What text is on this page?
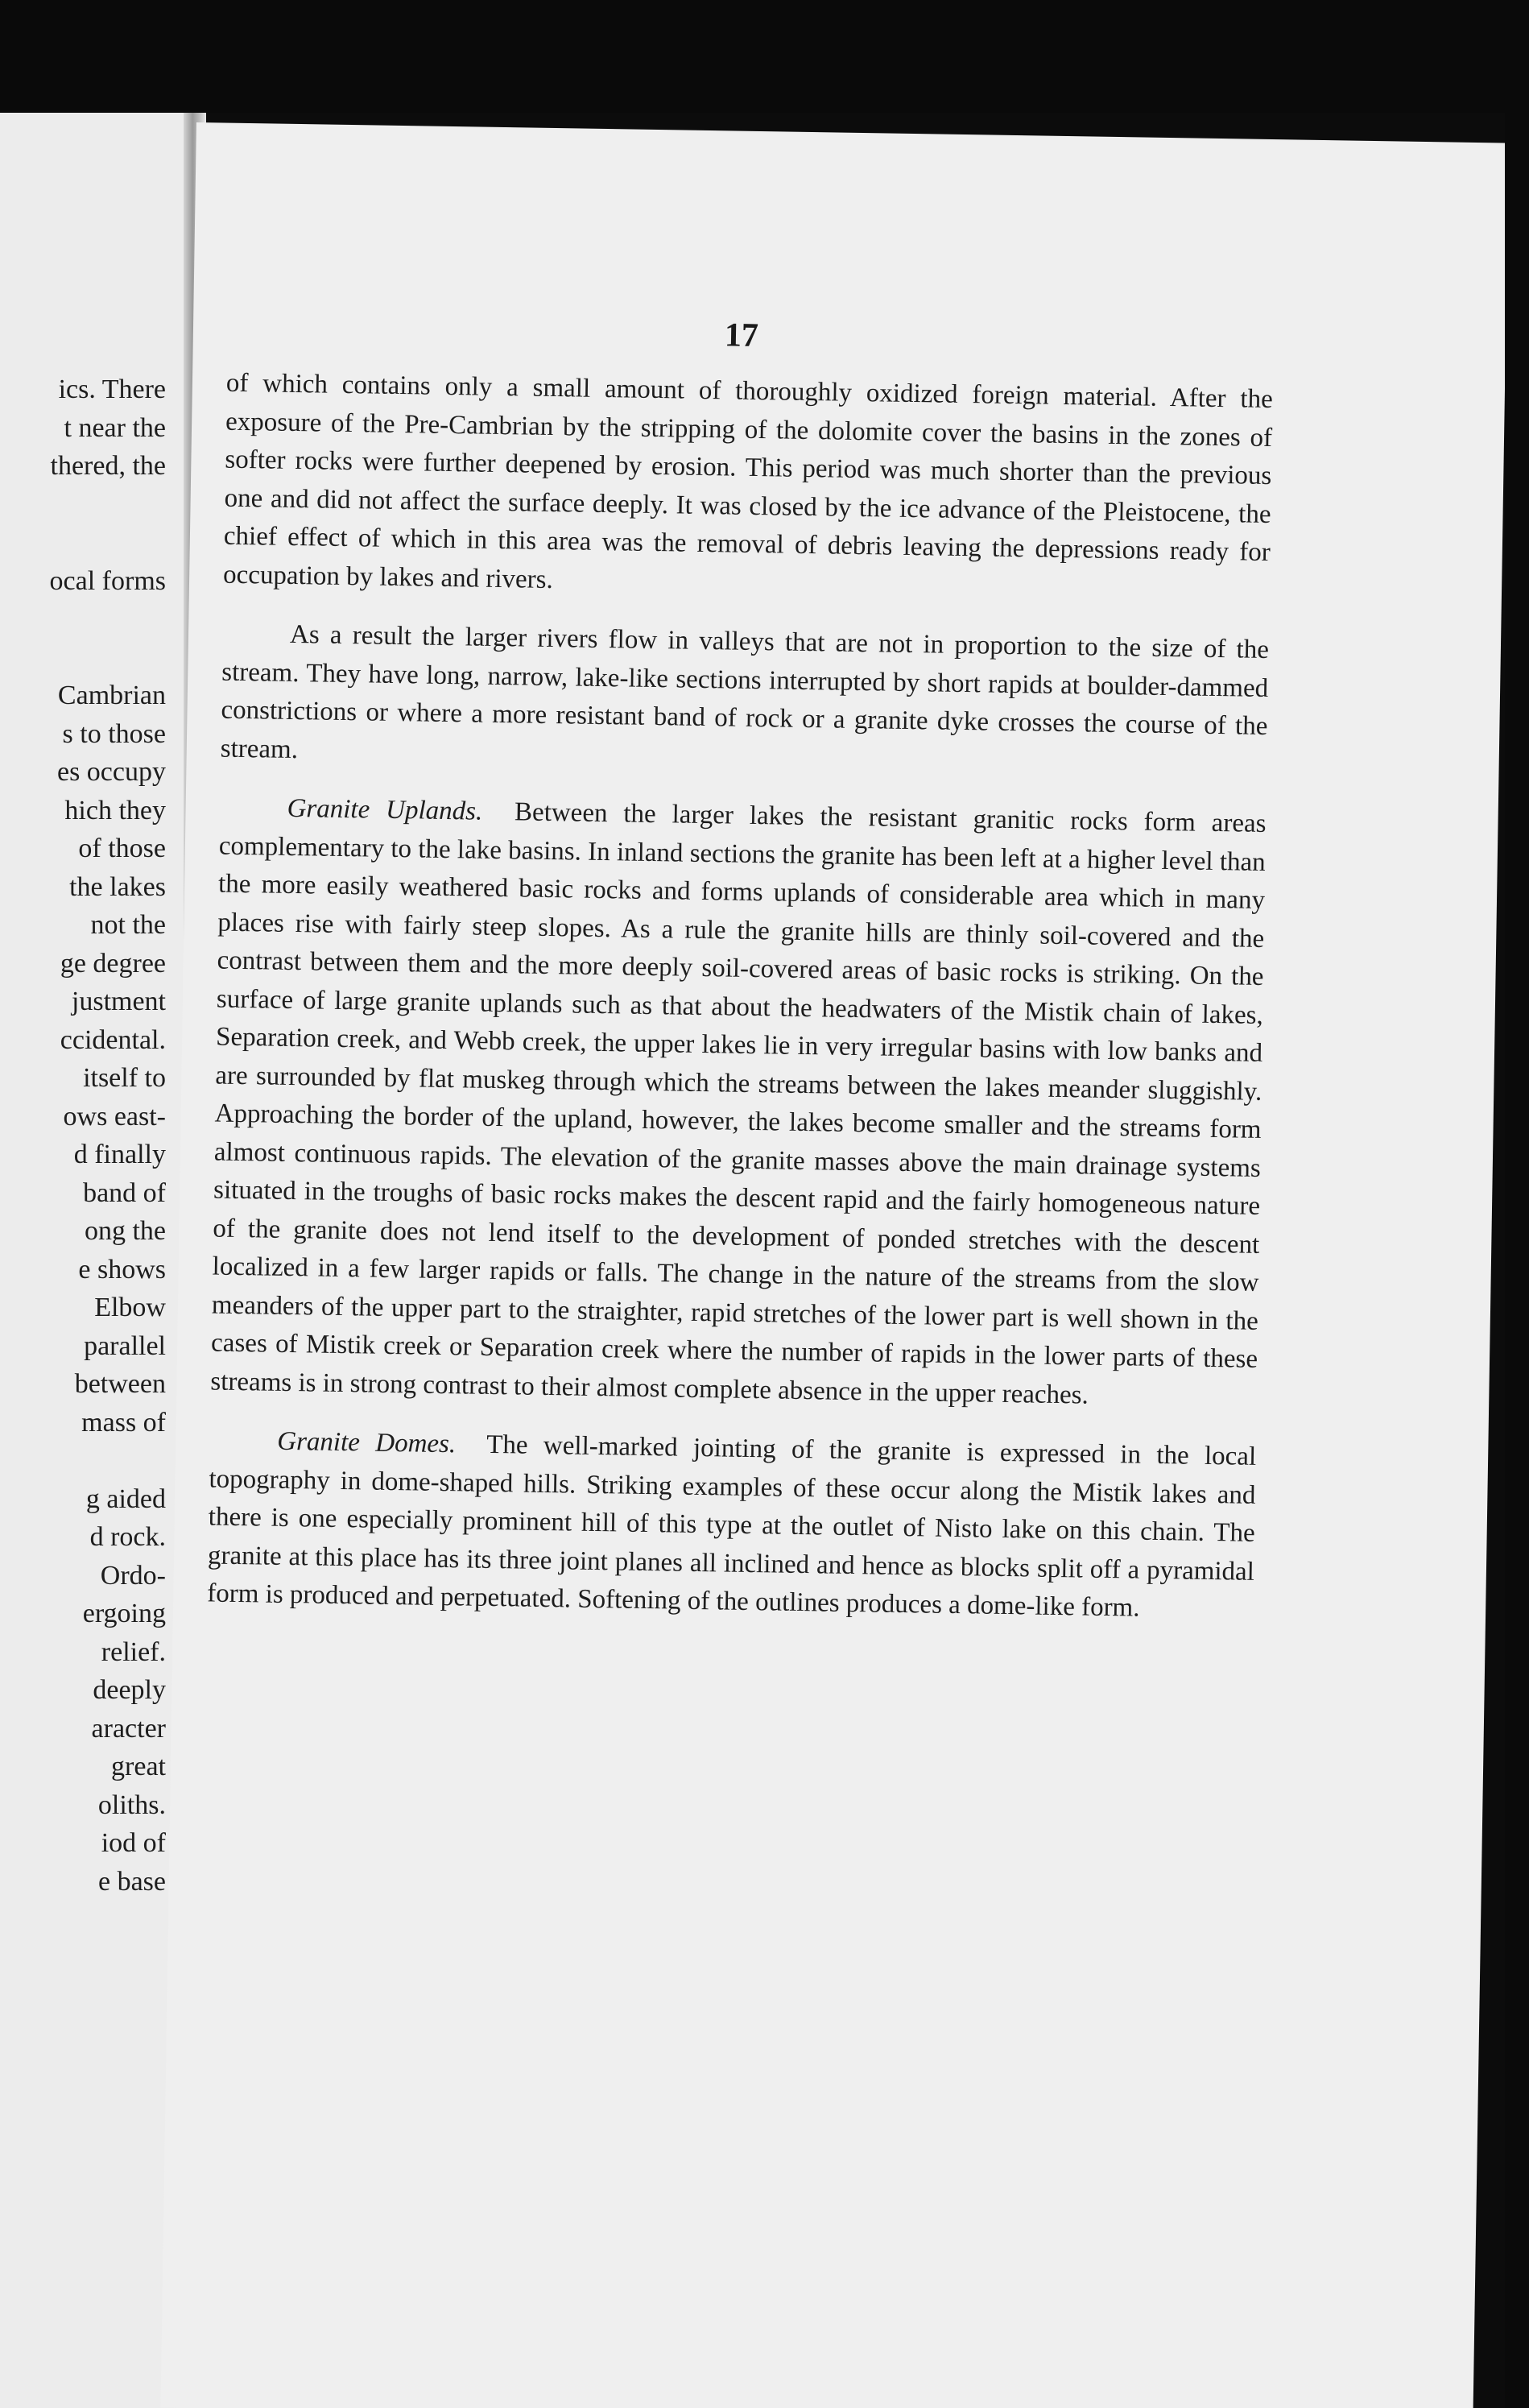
ics. There
t near the
thered, the
ocal forms
Cambrian
s to those
es occupy
hich they
of those
the lakes
not the
ge degree
justment
ccidental.
itself to
ows east-
d finally
band of
ong the
e shows
Elbow
parallel
between
mass of
g aided
d rock.
Ordo-
ergoing
relief.
deeply
aracter
great
oliths.
iod of
e base
17

of which contains only a small amount of thoroughly oxidized foreign material. After the exposure of the Pre-Cambrian by the stripping of the dolomite cover the basins in the zones of softer rocks were further deepened by erosion. This period was much shorter than the previous one and did not affect the surface deeply. It was closed by the ice advance of the Pleistocene, the chief effect of which in this area was the removal of debris leaving the depressions ready for occupation by lakes and rivers.

As a result the larger rivers flow in valleys that are not in proportion to the size of the stream. They have long, narrow, lake-like sections interrupted by short rapids at boulder-dammed constrictions or where a more resistant band of rock or a granite dyke crosses the course of the stream.

Granite Uplands. Between the larger lakes the resistant granitic rocks form areas complementary to the lake basins. In inland sections the granite has been left at a higher level than the more easily weathered basic rocks and forms uplands of considerable area which in many places rise with fairly steep slopes. As a rule the granite hills are thinly soil-covered and the contrast between them and the more deeply soil-covered areas of basic rocks is striking. On the surface of large granite uplands such as that about the headwaters of the Mistik chain of lakes, Separation creek, and Webb creek, the upper lakes lie in very irregular basins with low banks and are surrounded by flat muskeg through which the streams between the lakes meander sluggishly. Approaching the border of the upland, however, the lakes become smaller and the streams form almost continuous rapids. The elevation of the granite masses above the main drainage systems situated in the troughs of basic rocks makes the descent rapid and the fairly homogeneous nature of the granite does not lend itself to the development of ponded stretches with the descent localized in a few larger rapids or falls. The change in the nature of the streams from the slow meanders of the upper part to the straighter, rapid stretches of the lower part is well shown in the cases of Mistik creek or Separation creek where the number of rapids in the lower parts of these streams is in strong contrast to their almost complete absence in the upper reaches.

Granite Domes. The well-marked jointing of the granite is expressed in the local topography in dome-shaped hills. Striking examples of these occur along the Mistik lakes and there is one especially prominent hill of this type at the outlet of Nisto lake on this chain. The granite at this place has its three joint planes all inclined and hence as blocks split off a pyramidal form is produced and perpetuated. Softening of the outlines produces a dome-like form.
